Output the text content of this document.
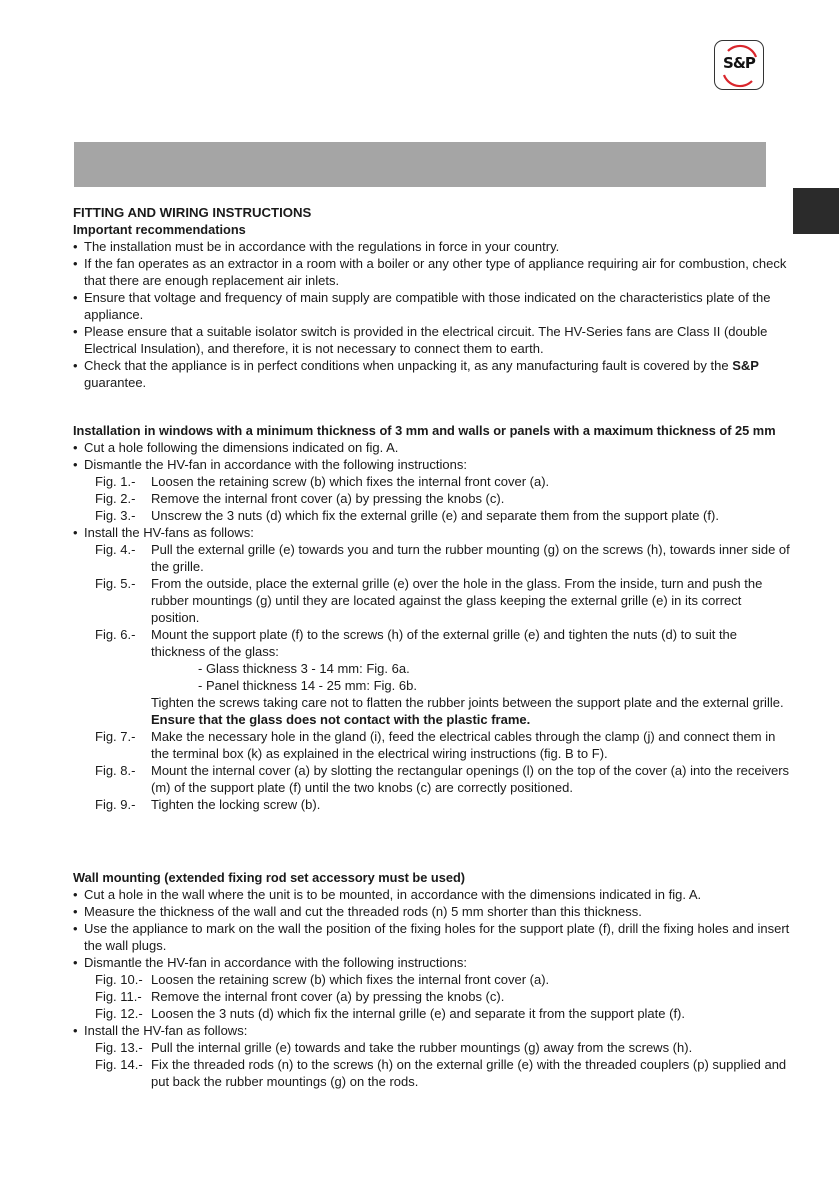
S&P
FITTING AND WIRING INSTRUCTIONS
Important recommendations
• The installation must be in accordance with the regulations in force in your country.
• If the fan operates as an extractor in a room with a boiler or any other type of appliance requiring air for combustion, check that there are enough replacement air inlets.
• Ensure that voltage and frequency of main supply are compatible with those indicated on the characteristics plate of the appliance.
• Please ensure that a suitable isolator switch is provided in the electrical circuit. The HV-Series fans are Class II (double Electrical Insulation), and therefore, it is not necessary to connect them to earth.
• Check that the appliance is in perfect conditions when unpacking it, as any manufacturing fault is covered by the S&P guarantee.
Installation in windows with a minimum thickness of 3 mm and walls or panels with a maximum thickness of 25 mm
• Cut a hole following the dimensions indicated on fig. A.
• Dismantle the HV-fan in accordance with the following instructions:
Fig. 1.-	Loosen the retaining screw (b) which fixes the internal front cover (a).
Fig. 2.-	Remove the internal front cover (a) by pressing the knobs (c).
Fig. 3.-	Unscrew the 3 nuts (d) which fix the external grille (e) and separate them from the support plate (f).
• Install the HV-fans as follows:
Fig. 4.-	Pull the external grille (e) towards you and turn the rubber mounting (g) on the screws (h), towards inner side of the grille.
Fig. 5.-	From the outside, place the external grille (e) over the hole in the glass. From the inside, turn and push the rubber mountings (g) until they are located against the glass keeping the external grille (e) in its correct position.
Fig. 6.-	Mount the support plate (f) to the screws (h) of the external grille (e) and tighten the nuts (d) to suit the thickness of the glass:
- Glass thickness 3 - 14 mm: Fig. 6a.
- Panel thickness 14 - 25 mm: Fig. 6b.
Tighten the screws taking care not to flatten the rubber joints between the support plate and the external grille.
Ensure that the glass does not contact with the plastic frame.
Fig. 7.-	Make the necessary hole in the gland (i), feed the electrical cables through the clamp (j) and connect them in the terminal box (k) as explained in the electrical wiring instructions (fig. B to F).
Fig. 8.-	Mount the internal cover (a) by slotting the rectangular openings (l) on the top of the cover (a) into the receivers (m) of the support plate (f) until the two knobs (c) are correctly positioned.
Fig. 9.-	Tighten the locking screw (b).
Wall mounting (extended fixing rod set accessory must be used)
• Cut a hole in the wall where the unit is to be mounted, in accordance with the dimensions indicated in fig. A.
• Measure the thickness of the wall and cut the threaded rods (n) 5 mm shorter than this thickness.
• Use the appliance to mark on the wall the position of the fixing holes for the support plate (f), drill the fixing holes and insert the wall plugs.
• Dismantle the HV-fan in accordance with the following instructions:
Fig. 10.- Loosen the retaining screw (b) which fixes the internal front cover (a).
Fig. 11.- Remove the internal front cover (a) by pressing the knobs (c).
Fig. 12.- Loosen the 3 nuts (d) which fix the internal grille (e) and separate it from the support plate (f).
• Install the HV-fan as follows:
Fig. 13.- Pull the internal grille (e) towards and take the rubber mountings (g) away from the screws (h).
Fig. 14.- Fix the threaded rods (n) to the screws (h) on the external grille (e) with the threaded couplers (p) supplied and put back the rubber mountings (g) on the rods.
